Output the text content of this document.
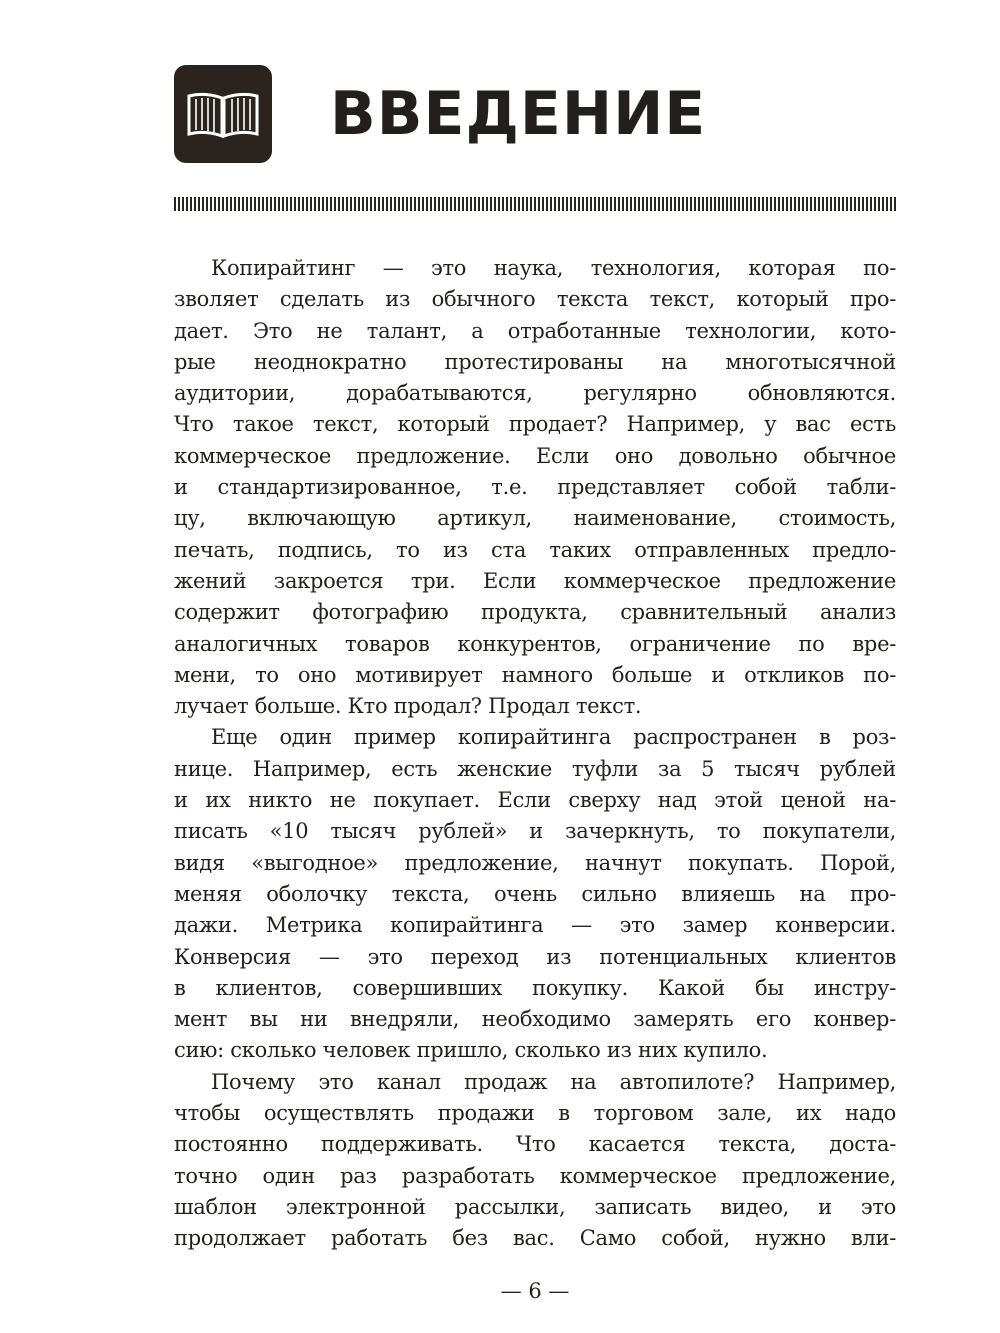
ВВЕДЕНИЕ

Копирайтинг — это наука, технология, которая по-
зволяет сделать из обычного текста текст, который про-
дает. Это не талант, а отработанные технологии, кото-
рые неоднократно протестированы на многотысячной
аудитории, дорабатываются, регулярно обновляются.
Что такое текст, который продает? Например, у вас есть
коммерческое предложение. Если оно довольно обычное
и стандартизированное, т.е. представляет собой табли-
цу, включающую артикул, наименование, стоимость,
печать, подпись, то из ста таких отправленных предло-
жений закроется три. Если коммерческое предложение
содержит фотографию продукта, сравнительный анализ
аналогичных товаров конкурентов, ограничение по вре-
мени, то оно мотивирует намного больше и откликов по-
лучает больше. Кто продал? Продал текст.

Еще один пример копирайтинга распространен в роз-
нице. Например, есть женские туфли за 5 тысяч рублей
и их никто не покупает. Если сверху над этой ценой на-
писать «10 тысяч рублей» и зачеркнуть, то покупатели,
видя «выгодное» предложение, начнут покупать. Порой,
меняя оболочку текста, очень сильно влияешь на про-
дажи. Метрика копирайтинга — это замер конверсии.
Конверсия — это переход из потенциальных клиентов
в клиентов, совершивших покупку. Какой бы инстру-
мент вы ни внедряли, необходимо замерять его конвер-
сию: сколько человек пришло, сколько из них купило.

Почему это канал продаж на автопилоте? Например,
чтобы осуществлять продажи в торговом зале, их надо
постоянно поддерживать. Что касается текста, доста-
точно один раз разработать коммерческое предложение,
шаблон электронной рассылки, записать видео, и это
продолжает работать без вас. Само собой, нужно вли-

— 6 —
